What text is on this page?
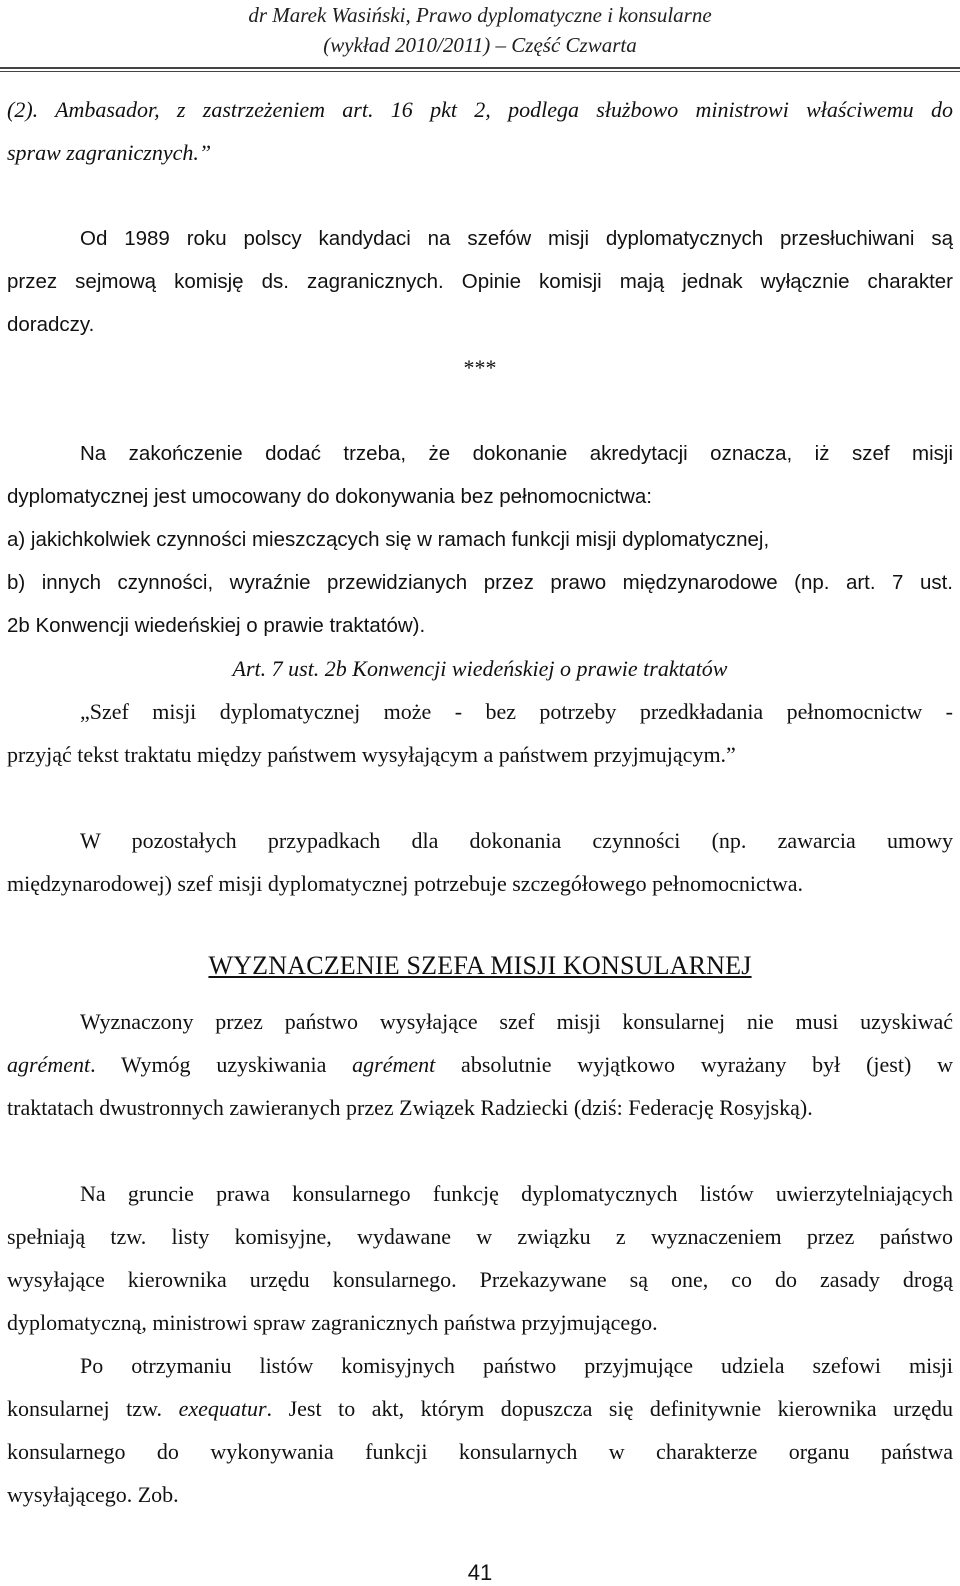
dr Marek Wasiński, Prawo dyplomatyczne i konsularne
(wykład 2010/2011) – Część Czwarta
(2). Ambasador, z zastrzeżeniem art. 16 pkt 2, podlega służbowo ministrowi właściwemu do
spraw zagranicznych.”
Od 1989 roku polscy kandydaci na szefów misji dyplomatycznych przesłuchiwani są
przez sejmową komisję ds. zagranicznych. Opinie komisji mają jednak wyłącznie charakter
doradczy.
***
Na zakończenie dodać trzeba, że dokonanie akredytacji oznacza, iż szef misji
dyplomatycznej jest umocowany do dokonywania bez pełnomocnictwa:
a) jakichkolwiek czynności mieszczących się w ramach funkcji misji dyplomatycznej,
b) innych czynności, wyraźnie przewidzianych przez prawo międzynarodowe (np. art. 7 ust.
2b Konwencji wiedeńskiej o prawie traktatów).
Art. 7 ust. 2b Konwencji wiedeńskiej o prawie traktatów
„Szef misji dyplomatycznej może - bez potrzeby przedkładania pełnomocnictw -
przyjąć tekst traktatu między państwem wysyłającym a państwem przyjmującym.”
W pozostałych przypadkach dla dokonania czynności (np. zawarcia umowy
międzynarodowej) szef misji dyplomatycznej potrzebuje szczegółowego pełnomocnictwa.
WYZNACZENIE SZEFA MISJI KONSULARNEJ
Wyznaczony przez państwo wysyłające szef misji konsularnej nie musi uzyskiwać
agrément. Wymóg uzyskiwania agrément absolutnie wyjątkowo wyrażany był (jest) w
traktatach dwustronnych zawieranych przez Związek Radziecki (dziś: Federację Rosyjską).
Na gruncie prawa konsularnego funkcję dyplomatycznych listów uwierzytelniających
spełniają tzw. listy komisyjne, wydawane w związku z wyznaczeniem przez państwo
wysyłające kierownika urzędu konsularnego. Przekazywane są one, co do zasady drogą
dyplomatyczną, ministrowi spraw zagranicznych państwa przyjmującego.
Po otrzymaniu listów komisyjnych państwo przyjmujące udziela szefowi misji
konsularnej tzw. exequatur. Jest to akt, którym dopuszcza się definitywnie kierownika urzędu
konsularnego do wykonywania funkcji konsularnych w charakterze organu państwa
wysyłającego. Zob.
41
